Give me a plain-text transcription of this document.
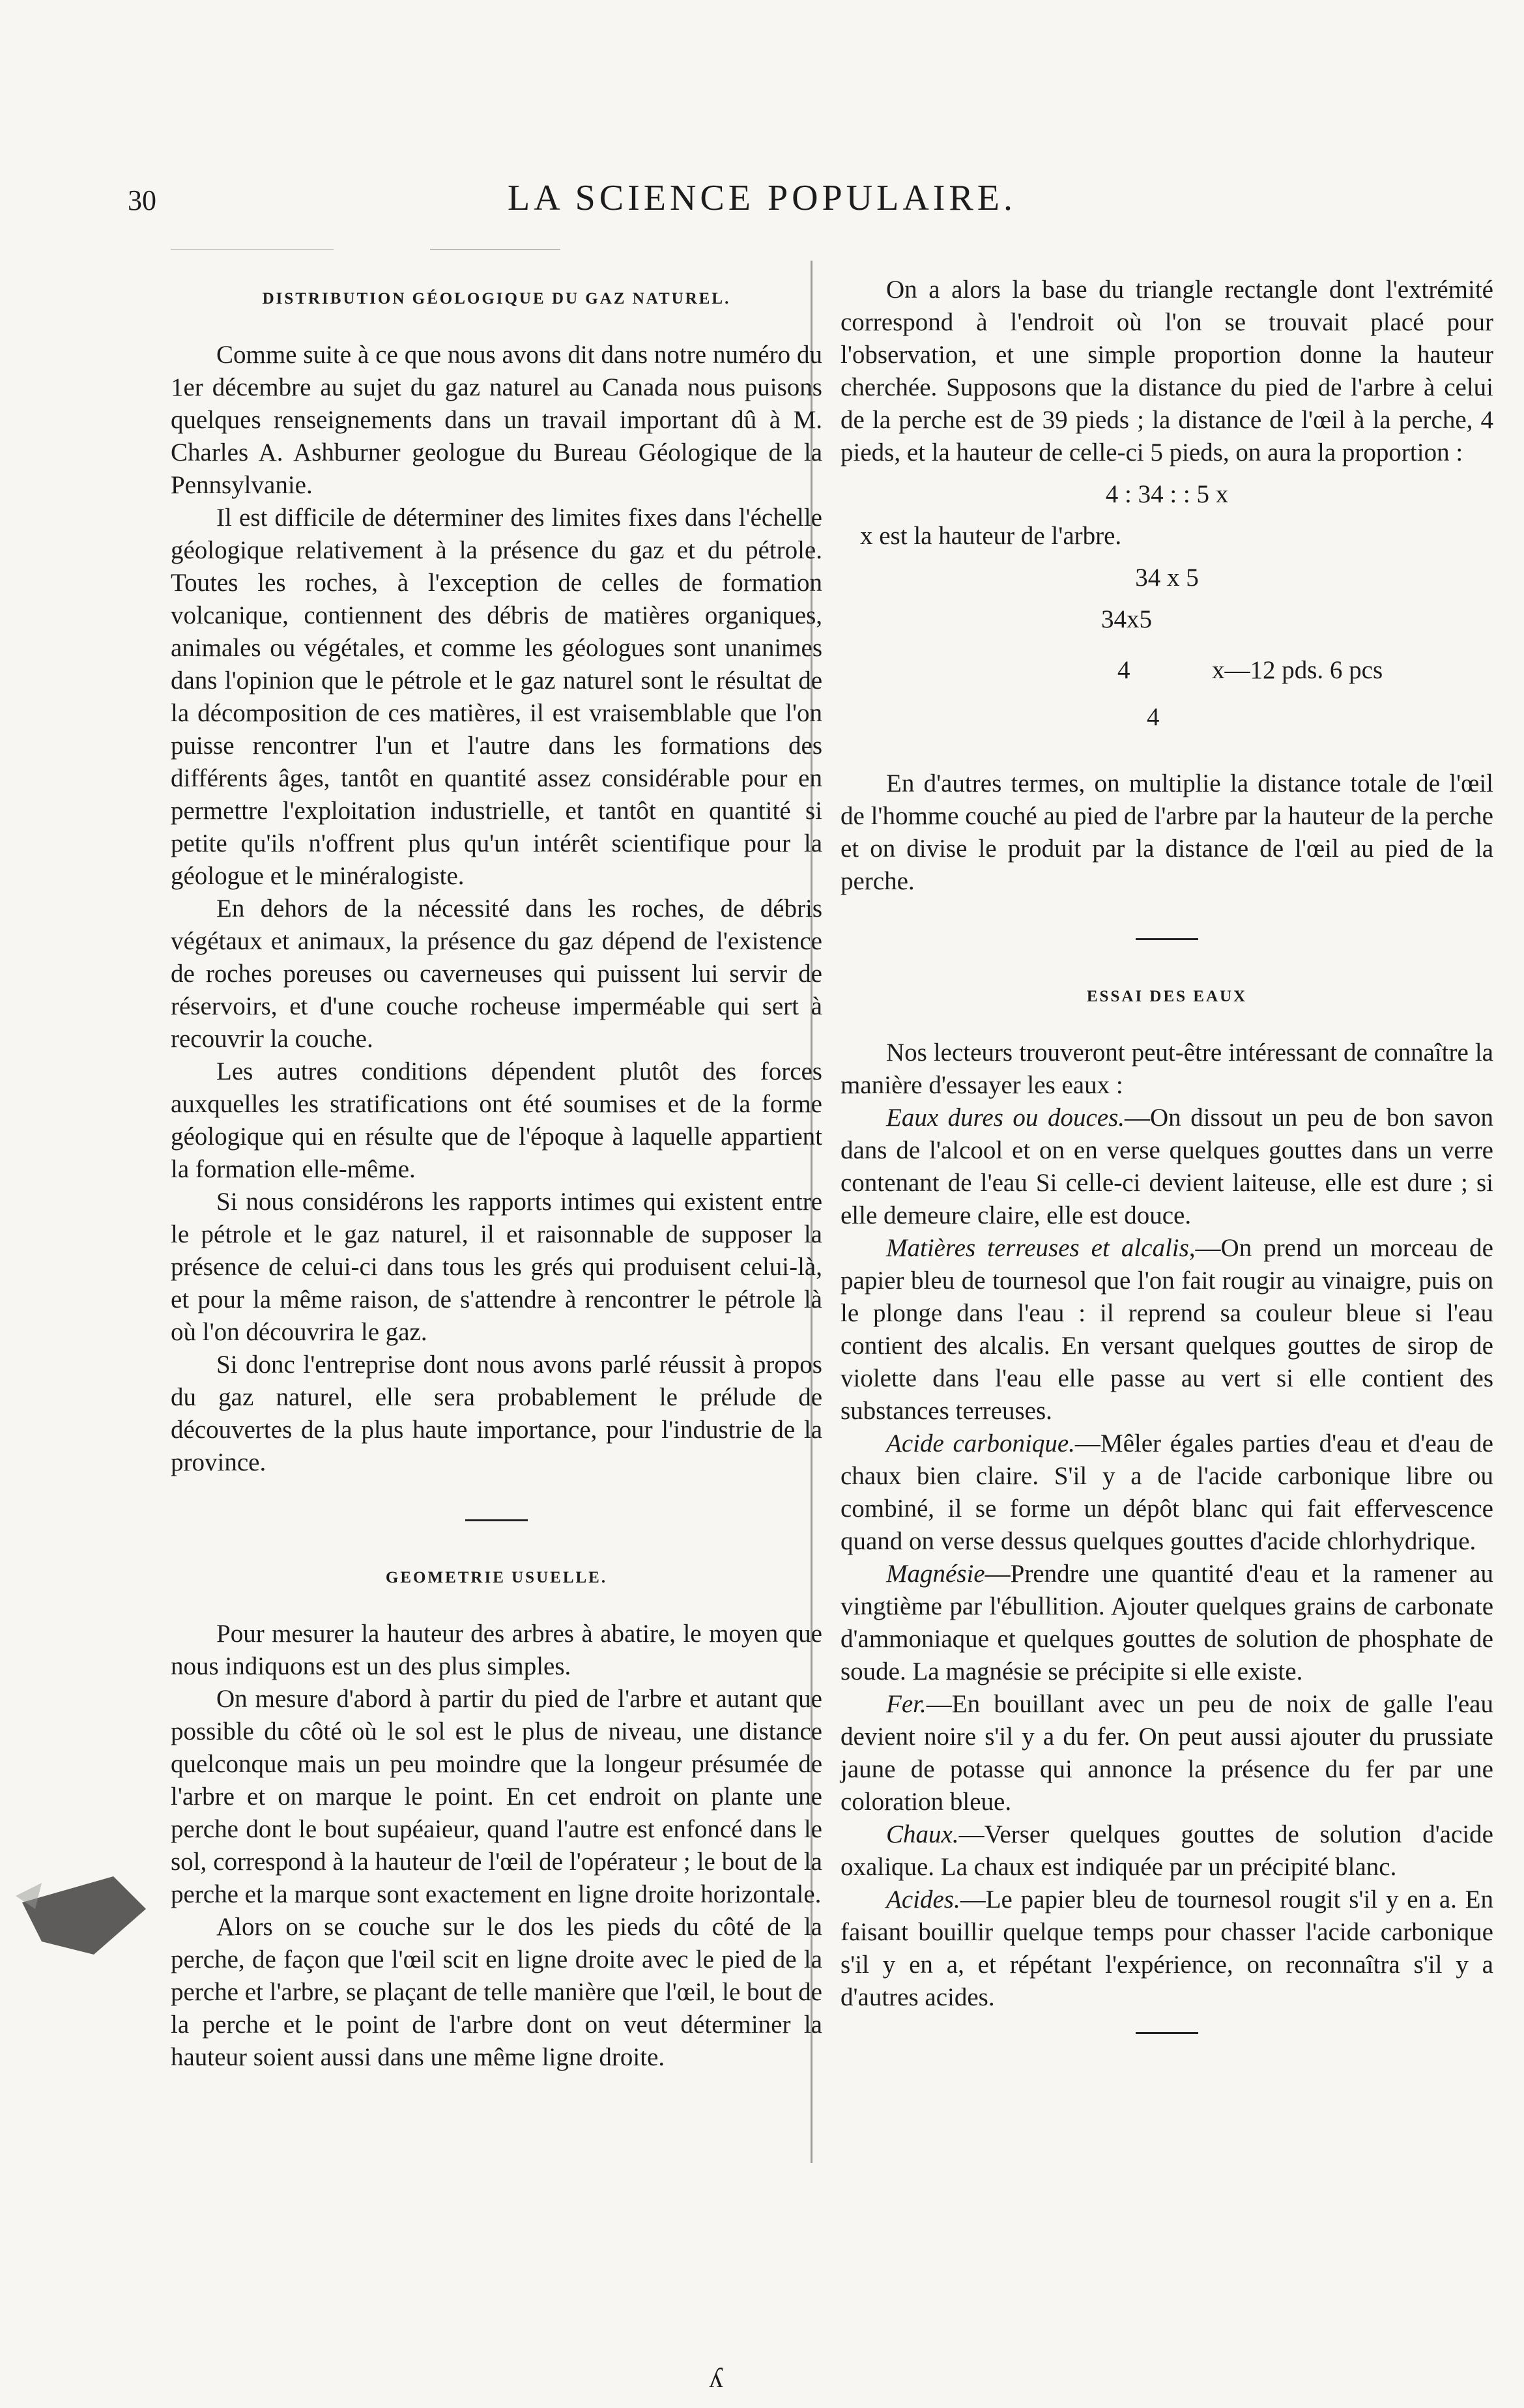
30	LA SCIENCE POPULAIRE.
DISTRIBUTION GÉOLOGIQUE DU GAZ NATUREL.

Comme suite à ce que nous avons dit dans notre numéro du 1er décembre au sujet du gaz naturel au Canada nous puisons quelques renseignements dans un travail important dû à M. Charles A. Ashburner geologue du Bureau Géologique de la Pennsylvanie.

Il est difficile de déterminer des limites fixes dans l'échelle géologique relativement à la présence du gaz et du pétrole. Toutes les roches, à l'exception de celles de formation volcanique, contiennent des débris de matières organiques, animales ou végétales, et comme les géologues sont unanimes dans l'opinion que le pétrole et le gaz naturel sont le résultat de la décomposition de ces matières, il est vraisemblable que l'on puisse rencontrer l'un et l'autre dans les formations des différents âges, tantôt en quantité assez considérable pour en permettre l'exploitation industrielle, et tantôt en quantité si petite qu'ils n'offrent plus qu'un intérêt scientifique pour la géologue et le minéralogiste.

En dehors de la nécessité dans les roches, de débris végétaux et animaux, la présence du gaz dépend de l'existence de roches poreuses ou caverneuses qui puissent lui servir de réservoirs, et d'une couche rocheuse imperméable qui sert à recouvrir la couche.

Les autres conditions dépendent plutôt des forces auxquelles les stratifications ont été soumises et de la forme géologique qui en résulte que de l'époque à laquelle appartient la formation elle-même.

Si nous considérons les rapports intimes qui existent entre le pétrole et le gaz naturel, il et raisonnable de supposer la présence de celui-ci dans tous les grés qui produisent celui-là, et pour la même raison, de s'attendre à rencontrer le pétrole là où l'on découvrira le gaz.

Si donc l'entreprise dont nous avons parlé réussit à propos du gaz naturel, elle sera probablement le prélude de découvertes de la plus haute importance, pour l'industrie de la province.

GEOMETRIE USUELLE.

Pour mesurer la hauteur des arbres à abatire, le moyen que nous indiquons est un des plus simples.

On mesure d'abord à partir du pied de l'arbre et autant que possible du côté où le sol est le plus de niveau, une distance quelconque mais un peu moindre que la longeur présumée de l'arbre et on marque le point. En cet endroit on plante une perche dont le bout supéaieur, quand l'autre est enfoncé dans le sol, correspond à la hauteur de l'œil de l'opérateur ; le bout de la perche et la marque sont exactement en ligne droite horizontale.

Alors on se couche sur le dos les pieds du côté de la perche, de façon que l'œil scit en ligne droite avec le pied de la perche et l'arbre, se plaçant de telle manière que l'œil, le bout de la perche et le point de l'arbre dont on veut déterminer la hauteur soient aussi dans une même ligne droite.

On a alors la base du triangle rectangle dont l'extrémité correspond à l'endroit où l'on se trouvait placé pour l'observation, et une simple proportion donne la hauteur cherchée. Supposons que la distance du pied de l'arbre à celui de la perche est de 39 pieds ; la distance de l'œil à la perche, 4 pieds, et la hauteur de celle-ci 5 pieds, on aura la proportion :

4 : 34 : : 5 x

x est la hauteur de l'arbre.

34 x 5
34x5
4	x—12 pds. 6 pcs
4

En d'autres termes, on multiplie la distance totale de l'œil de l'homme couché au pied de l'arbre par la hauteur de la perche et on divise le produit par la distance de l'œil au pied de la perche.

ESSAI DES EAUX

Nos lecteurs trouveront peut-être intéressant de connaître la manière d'essayer les eaux :

Eaux dures ou douces.—On dissout un peu de bon savon dans de l'alcool et on en verse quelques gouttes dans un verre contenant de l'eau Si celle-ci devient laiteuse, elle est dure ; si elle demeure claire, elle est douce.

Matières terreuses et alcalis,—On prend un morceau de papier bleu de tournesol que l'on fait rougir au vinaigre, puis on le plonge dans l'eau : il reprend sa couleur bleue si l'eau contient des alcalis. En versant quelques gouttes de sirop de violette dans l'eau elle passe au vert si elle contient des substances terreuses.

Acide carbonique.—Mêler égales parties d'eau et d'eau de chaux bien claire. S'il y a de l'acide carbonique libre ou combiné, il se forme un dépôt blanc qui fait effervescence quand on verse dessus quelques gouttes d'acide chlorhydrique.

Magnésie—Prendre une quantité d'eau et la ramener au vingtième par l'ébullition. Ajouter quelques grains de carbonate d'ammoniaque et quelques gouttes de solution de phosphate de soude. La magnésie se précipite si elle existe.

Fer.—En bouillant avec un peu de noix de galle l'eau devient noire s'il y a du fer. On peut aussi ajouter du prussiate jaune de potasse qui annonce la présence du fer par une coloration bleue.

Chaux.—Verser quelques gouttes de solution d'acide oxalique. La chaux est indiquée par un précipité blanc.

Acides.—Le papier bleu de tournesol rougit s'il y en a. En faisant bouillir quelque temps pour chasser l'acide carbonique s'il y en a, et répétant l'expérience, on reconnaîtra s'il y a d'autres acides.

ʎ
